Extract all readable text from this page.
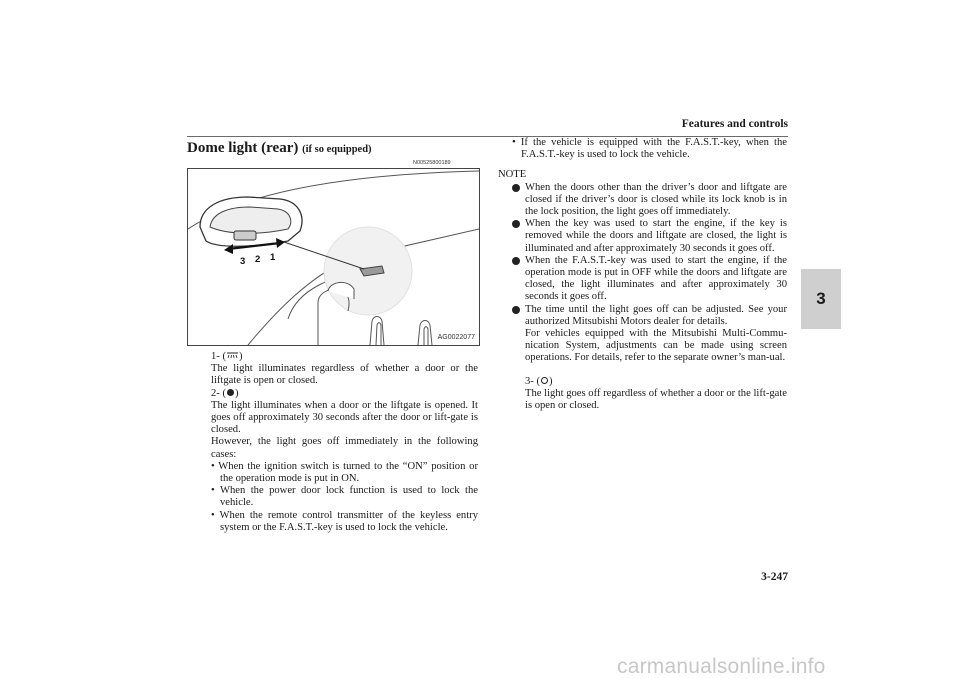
Features and controls
3
Dome light (rear) (if so equipped)
N00525800189
3 2 1
AG0022077

1- ( )

The light illuminates regardless of whether a door or the liftgate is open or closed.

2- ( )

The light illuminates when a door or the liftgate is opened. It goes off approximately 30 seconds after the door or lift-gate is closed.

However, the light goes off immediately in the following cases:

• When the ignition switch is turned to the “ON” position or the operation mode is put in ON.

• When the power door lock function is used to lock the vehicle.

• When the remote control transmitter of the keyless entry system or the F.A.S.T.-key is used to lock the vehicle.

• If the vehicle is equipped with the F.A.S.T.-key, when the F.A.S.T.-key is used to lock the vehicle.

NOTE

When the doors other than the driver’s door and liftgate are closed if the driver’s door is closed while its lock knob is in the lock position, the light goes off immediately.

When the key was used to start the engine, if the key is removed while the doors and liftgate are closed, the light is illuminated and after approximately 30 seconds it goes off.

When the F.A.S.T.-key was used to start the engine, if the operation mode is put in OFF while the doors and liftgate are closed, the light illuminates and after approximately 30 seconds it goes off.

The time until the light goes off can be adjusted. See your authorized Mitsubishi Motors dealer for details.

For vehicles equipped with the Mitsubishi Multi-Commu-nication System, adjustments can be made using screen operations. For details, refer to the separate owner’s man-ual.

3- ( )

The light goes off regardless of whether a door or the lift-gate is open or closed.

3-247
carmanualsonline.info
